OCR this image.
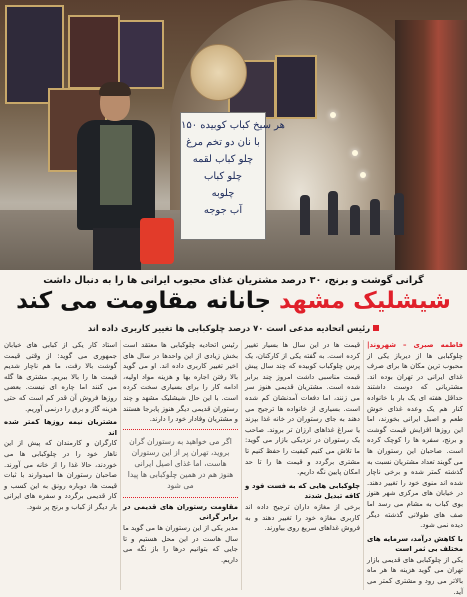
۱۵۰ هر سیخ کباب کوبیده
با نان دو تخم مرغ
چلو کباب لقمه
چلو کباب
چلوبه
آب جوجه
گرانی گوشت و برنج، ۳۰ درصد مشتریان غذای محبوب ایرانی ها را به دنبال داشت
شیشلیک مشهد جانانه مقاومت می کند
رئیس اتحادیه مدعی است ۷۰ درصد چلوکبابی ها تغییر کاربری داده اند

فاطمه صبری – شهروند| چلوکبابی ها از دیرباز یکی از محبوب ترین مکان ها برای صرف غذای ایرانی در تهران بوده اند. مشتریانی که دوست داشتند حداقل هفته ای یک بار با خانواده کنار هم یک وعده غذای خوش طعم و اصیل ایرانی بخورند، اما این روزها افزایش قیمت گوشت و برنج، سفره ها را کوچک کرده است. صاحبان این رستوران ها می گویند تعداد مشتریان نسبت به گذشته کمتر شده و برخی ناچار شده اند منوی خود را تغییر دهند. در خیابان های مرکزی شهر هنوز بوی کباب به مشام می رسد اما صف های طولانی گذشته دیگر دیده نمی شود.

با کاهش درآمد، سرمایه های مختلف بی ثمر است

یکی از چلوکبابی های قدیمی بازار تهران می گوید هزینه ها هر ماه بالاتر می رود و مشتری کمتر می آید.

قیمت ها در این سال ها بسیار تغییر کرده است. به گفته یکی از کارکنان، یک پرس چلوکباب کوبیده که چند سال پیش قیمت مناسبی داشت امروز چند برابر شده است. مشتریان قدیمی هنوز سر می زنند، اما دفعات آمدنشان کم شده است. بسیاری از خانواده ها ترجیح می دهند به جای رستوران در خانه غذا بپزند یا سراغ غذاهای ارزان تر بروند. صاحب یک رستوران در نزدیکی بازار می گوید: ما تلاش می کنیم کیفیت را حفظ کنیم تا مشتری برگردد و قیمت ها را تا حد امکان پایین نگه داریم.

چلوکبابی هایی که به فست فود و کافه تبدیل شدند

برخی از مغازه داران ترجیح داده اند کاربری مغازه خود را تغییر دهند و به فروش غذاهای سریع روی بیاورند.

رئیس اتحادیه چلوکبابی ها معتقد است بخش زیادی از این واحدها در سال های اخیر تغییر کاربری داده اند. او می گوید بالا رفتن اجاره بها و هزینه مواد اولیه، ادامه کار را برای بسیاری سخت کرده است. با این حال شیشلیک مشهد و چند رستوران قدیمی دیگر هنوز پابرجا هستند و مشتریان وفادار خود را دارند.

اگر می خواهید به رستوران گران بروید، تهران پر از این رستوران هاست، اما غذای اصیل ایرانی هنوز هم در همین چلوکبابی ها پیدا می شود

مقاومت رستوران های قدیمی در برابر گرانی

مدیر یکی از این رستوران ها می گوید ما سال هاست در این محل هستیم و تا جایی که بتوانیم درها را باز نگه می داریم.

استاد کار یکی از کبابی های خیابان جمهوری می گوید: از وقتی قیمت گوشت بالا رفت، ما هم ناچار شدیم قیمت ها را بالا ببریم. مشتری ها گله می کنند اما چاره ای نیست. بعضی روزها فروش آن قدر کم است که حتی هزینه گاز و برق را درنمی آوریم.

مشتریان نیمه روزها کمتر شده اند

کارگران و کارمندان که پیش از این ناهار خود را در چلوکبابی ها می خوردند، حالا غذا را از خانه می آورند. صاحبان رستوران ها امیدوارند با ثبات قیمت ها، دوباره رونق به این کسب و کار قدیمی برگردد و سفره های ایرانی بار دیگر از کباب و برنج پر شود.
